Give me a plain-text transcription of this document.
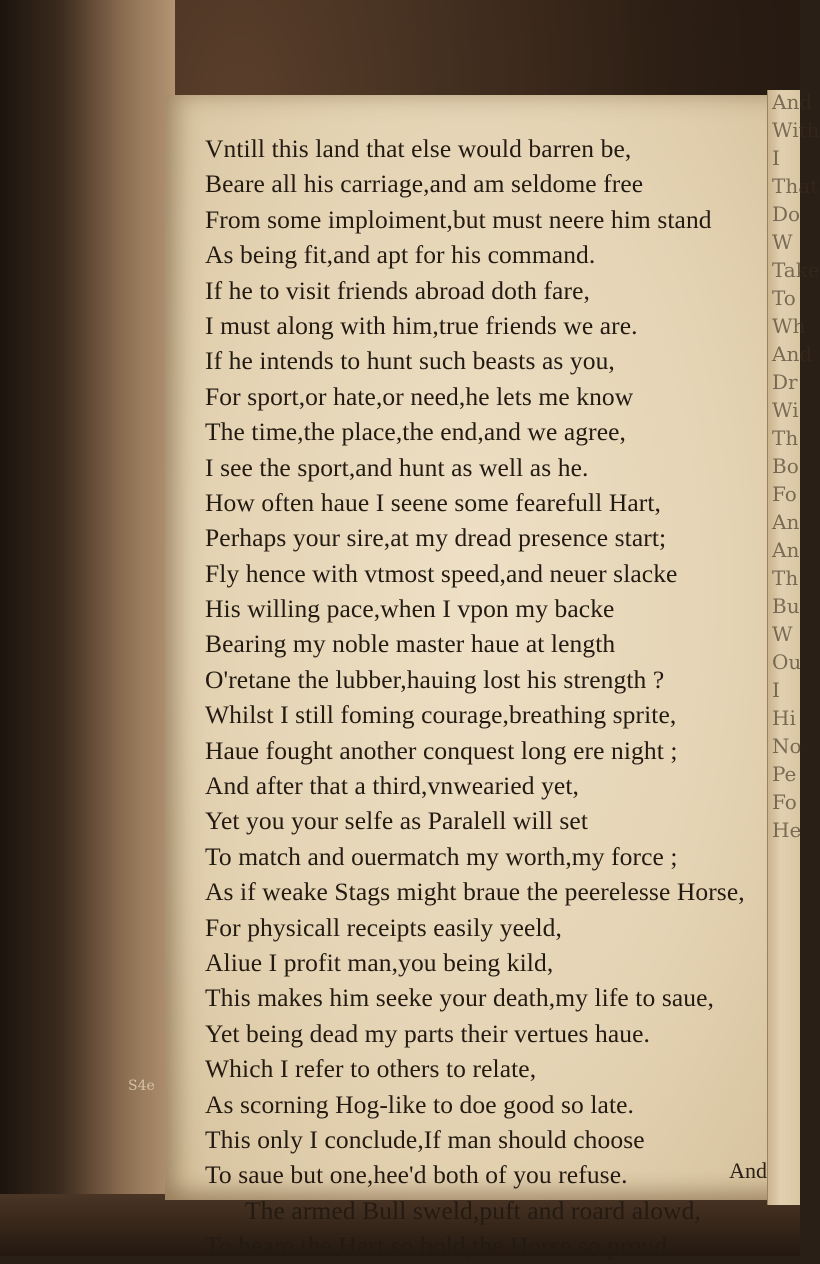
Vntill this land that else would barren be,
Beare all his carriage,and am seldome free
From some imploiment,but must neere him stand
As being fit,and apt for his command.
If he to visit friends abroad doth fare,
I must along with him,true friends we are.
If he intends to hunt such beasts as you,
For sport,or hate,or need,he lets me know
The time,the place,the end,and we agree,
I see the sport,and hunt as well as he.
How often haue I seene some fearefull Hart,
Perhaps your sire,at my dread presence start;
Fly hence with vtmost speed,and neuer slacke
His willing pace,when I vpon my backe
Bearing my noble master haue at length
O'retane the lubber,hauing lost his strength ?
Whilst I still foming courage,breathing sprite,
Haue fought another conquest long ere night ;
And after that a third,vnwearied yet,
Yet you your selfe as Paralell will set
To match and ouermatch my worth,my force ;
As if weake Stags might braue the peerelesse Horse,
For physicall receipts easily yeeld,
Aliue I profit man,you being kild,
This makes him seeke your death,my life to saue,
Yet being dead my parts their vertues haue.
Which I refer to others to relate,
As scorning Hog-like to doe good so late.
This only I conclude,If man should choose
To saue but one,hee'd both of you refuse.
The armed Bull sweld,puft and roard alowd,
To heare the Hart so bold,the Horse so proud.
And
S4e
And
With
I
That
Do
W
Take
To
Wh
And
Dr
Wi
Th
Bo
Fo
An
An
Th
Bu
W
Ou
I
Hi
No
Pe
Fo
He
